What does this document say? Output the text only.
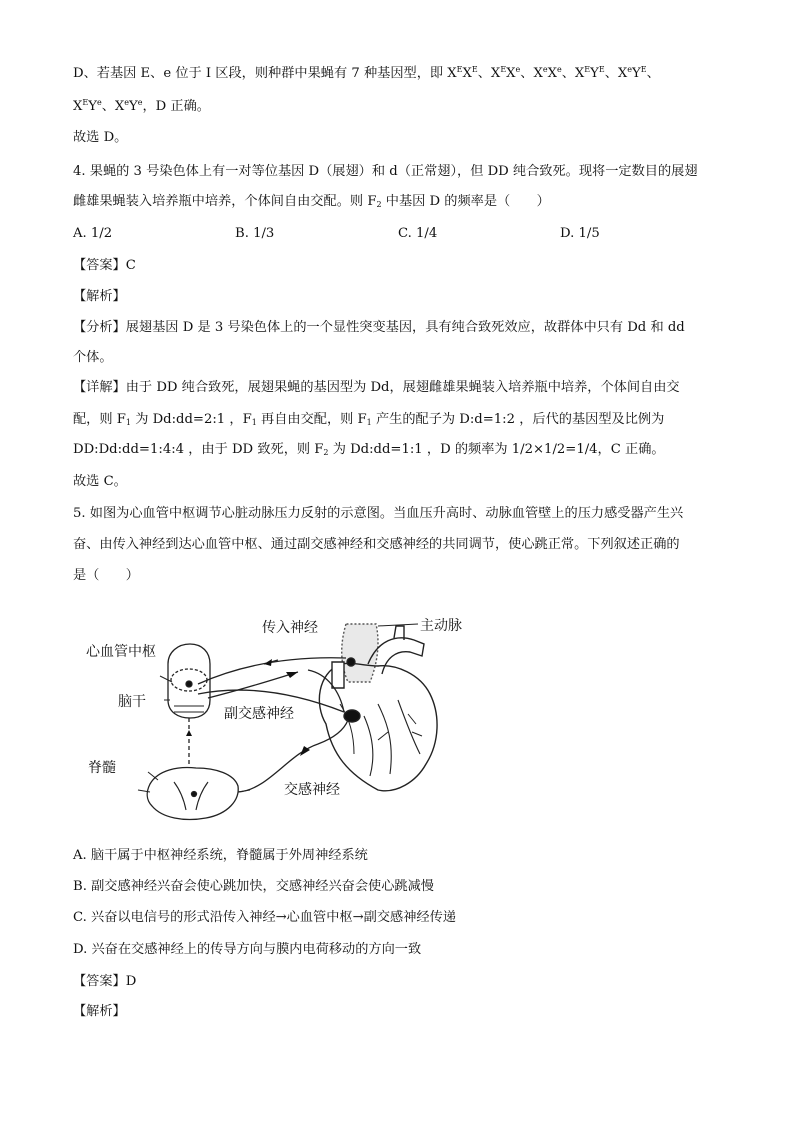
D、若基因 E、e 位于 I 区段，则种群中果蝇有 7 种基因型，即 $X^EX^E$、$X^EXe$、XeXe、$X^EY^E$、$XeY^E$、
$X^EY^e$、$XeY^e$，D 正确。
故选 D。
4. 果蝇的 3 号染色体上有一对等位基因 D（展翅）和 d（正常翅），但 DD 纯合致死。现将一定数目的展翅
雌雄果蝇装入培养瓶中培养，个体间自由交配。则 $F_2$ 中基因 D 的频率是（　　）
A. 1/2	B. 1/3	C. 1/4	D. 1/5
【答案】C
【解析】
【分析】展翅基因 D 是 3 号染色体上的一个显性突变基因，具有纯合致死效应，故群体中只有 Dd 和 dd
个体。
【详解】由于 DD 纯合致死，展翅果蝇的基因型为 Dd，展翅雌雄果蝇装入培养瓶中培养，个体间自由交
配，则 $F_1$ 为 Dd:dd=2:1 ，$F_1$ 再自由交配，则 $F_1$ 产生的配子为 D:d=1:2 ，后代的基因型及比例为
DD:Dd:dd=1:4:4 ，由于 DD 致死，则 $F_2$ 为 Dd:dd=1:1 ，D 的频率为 1/2×1/2=1/4，C 正确。
故选 C。
5. 如图为心血管中枢调节心脏动脉压力反射的示意图。当血压升高时、动脉血管壁上的压力感受器产生兴
奋、由传入神经到达心血管中枢、通过副交感神经和交感神经的共同调节，使心跳正常。下列叙述正确的
是（　　）
传入神经	主动脉
心血管中枢
脑干
副交感神经
脊髓
交感神经
A. 脑干属于中枢神经系统，脊髓属于外周神经系统
B. 副交感神经兴奋会使心跳加快，交感神经兴奋会使心跳减慢
C. 兴奋以电信号的形式沿传入神经→心血管中枢→副交感神经传递
D. 兴奋在交感神经上的传导方向与膜内电荷移动的方向一致
【答案】D
【解析】
